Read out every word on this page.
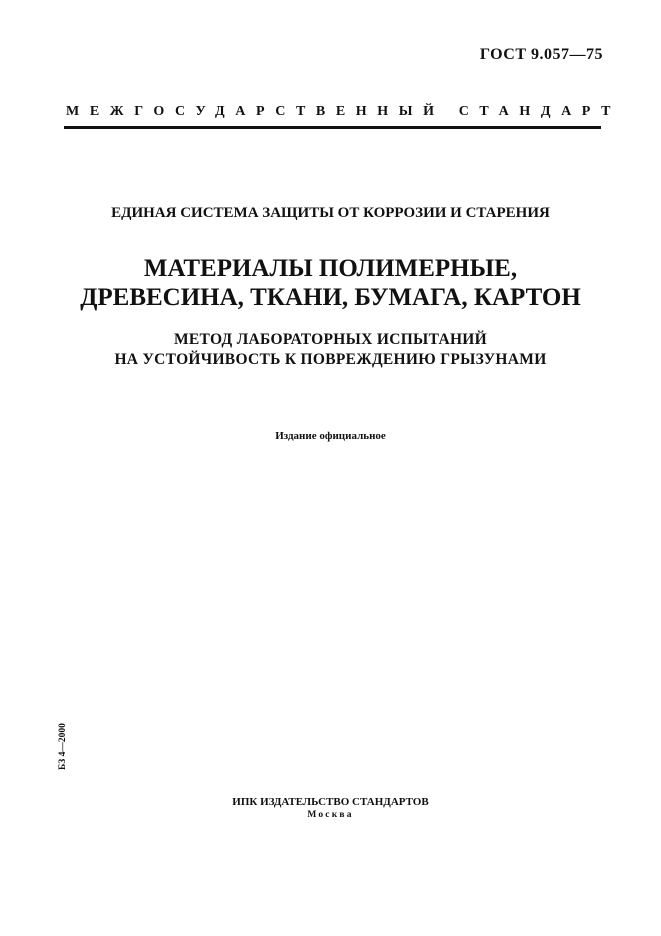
ГОСТ 9.057—75
МЕЖГОСУДАРСТВЕННЫЙ СТАНДАРТ
ЕДИНАЯ СИСТЕМА ЗАЩИТЫ ОТ КОРРОЗИИ И СТАРЕНИЯ
МАТЕРИАЛЫ ПОЛИМЕРНЫЕ,
ДРЕВЕСИНА, ТКАНИ, БУМАГА, КАРТОН
МЕТОД ЛАБОРАТОРНЫХ ИСПЫТАНИЙ
НА УСТОЙЧИВОСТЬ К ПОВРЕЖДЕНИЮ ГРЫЗУНАМИ
Издание официальное
БЗ 4—2000
ИПК ИЗДАТЕЛЬСТВО СТАНДАРТОВ
Москва
